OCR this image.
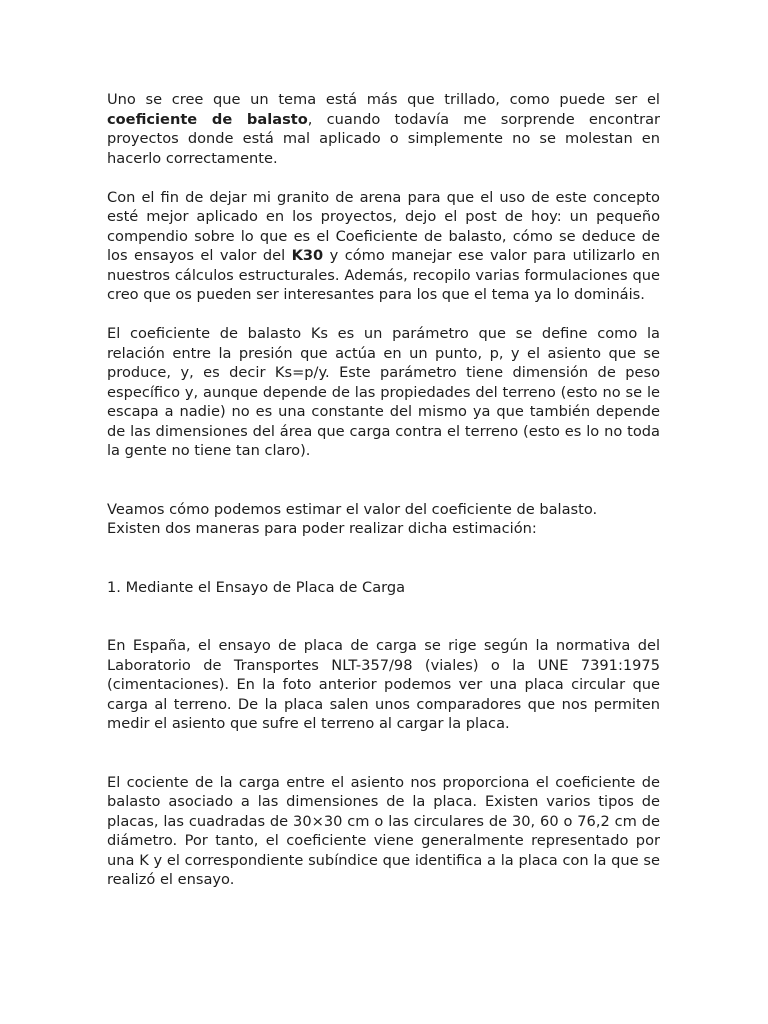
Uno se cree que un tema está más que trillado, como puede ser el coeficiente de balasto, cuando todavía me sorprende encontrar proyectos donde está mal aplicado o simplemente no se molestan en hacerlo correctamente.

Con el fin de dejar mi granito de arena para que el uso de este concepto esté mejor aplicado en los proyectos, dejo el post de hoy: un pequeño compendio sobre lo que es el Coeficiente de balasto, cómo se deduce de los ensayos el valor del K30 y cómo manejar ese valor para utilizarlo en nuestros cálculos estructurales. Además, recopilo varias formulaciones que creo que os pueden ser interesantes para los que el tema ya lo domináis.

El coeficiente de balasto Ks es un parámetro que se define como la relación entre la presión que actúa en un punto, p, y el asiento que se produce, y, es decir Ks=p/y. Este parámetro tiene dimensión de peso específico y, aunque depende de las propiedades del terreno (esto no se le escapa a nadie) no es una constante del mismo ya que también depende de las dimensiones del área que carga contra el terreno (esto es lo no toda la gente no tiene tan claro).

Veamos cómo podemos estimar el valor del coeficiente de balasto.
Existen dos maneras para poder realizar dicha estimación:

1. Mediante el Ensayo de Placa de Carga

En España, el ensayo de placa de carga se rige según la normativa del Laboratorio de Transportes NLT-357/98 (viales) o la UNE 7391:1975 (cimentaciones). En la foto anterior podemos ver una placa circular que carga al terreno. De la placa salen unos comparadores que nos permiten medir el asiento que sufre el terreno al cargar la placa.

El cociente de la carga entre el asiento nos proporciona el coeficiente de balasto asociado a las dimensiones de la placa. Existen varios tipos de placas, las cuadradas de 30×30 cm o las circulares de 30, 60 o 76,2 cm de diámetro. Por tanto, el coeficiente viene generalmente representado por una K y el correspondiente subíndice que identifica a la placa con la que se realizó el ensayo.
